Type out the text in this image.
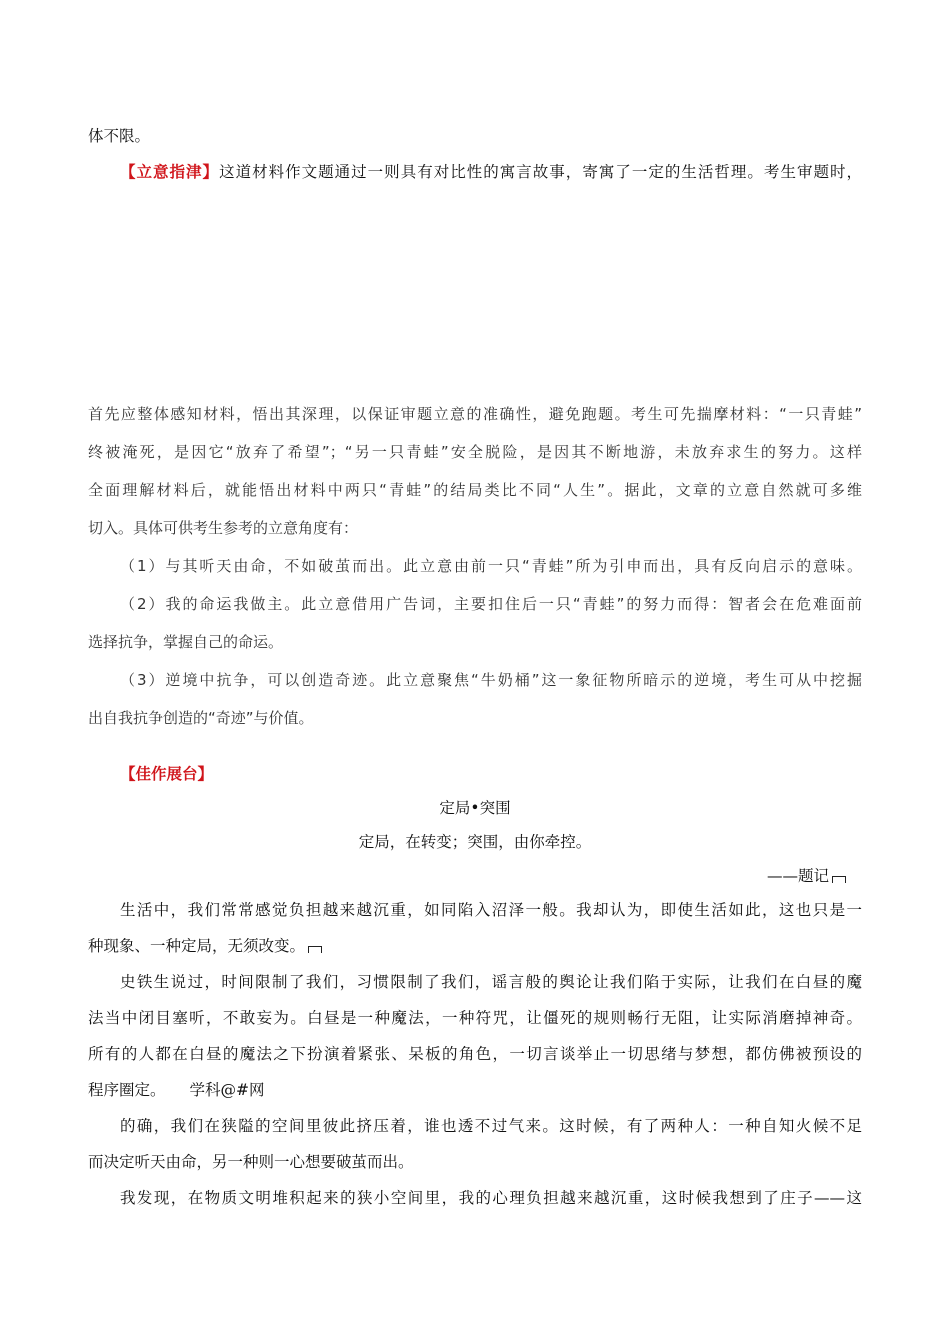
体不限。
【立意指津】这道材料作文题通过一则具有对比性的寓言故事，寄寓了一定的生活哲理。考生审题时，
首先应整体感知材料，悟出其深理，以保证审题立意的准确性，避免跑题。考生可先揣摩材料：“一只青蛙”
终被淹死，是因它“放弃了希望”；“另一只青蛙”安全脱险，是因其不断地游，未放弃求生的努力。这样
全面理解材料后，就能悟出材料中两只“青蛙”的结局类比不同“人生”。据此，文章的立意自然就可多维
切入。具体可供考生参考的立意角度有：
（1）与其听天由命，不如破茧而出。此立意由前一只“青蛙”所为引申而出，具有反向启示的意味。
（2）我的命运我做主。此立意借用广告词，主要扣住后一只“青蛙”的努力而得：智者会在危难面前
选择抗争，掌握自己的命运。
（3）逆境中抗争，可以创造奇迹。此立意聚焦“牛奶桶”这一象征物所暗示的逆境，考生可从中挖掘
出自我抗争创造的“奇迹”与价值。
【佳作展台】
定局•突围
定局，在转变；突围，由你牵控。
——题记
生活中，我们常常感觉负担越来越沉重，如同陷入沼泽一般。我却认为，即使生活如此，这也只是一
种现象、一种定局，无须改变。
史铁生说过，时间限制了我们，习惯限制了我们，谣言般的舆论让我们陷于实际，让我们在白昼的魔
法当中闭目塞听，不敢妄为。白昼是一种魔法，一种符咒，让僵死的规则畅行无阻，让实际消磨掉神奇。
所有的人都在白昼的魔法之下扮演着紧张、呆板的角色，一切言谈举止一切思绪与梦想，都仿佛被预设的
程序圈定。 学科@#网
的确，我们在狭隘的空间里彼此挤压着，谁也透不过气来。这时候，有了两种人：一种自知火候不足
而决定听天由命，另一种则一心想要破茧而出。
我发现，在物质文明堆积起来的狭小空间里，我的心理负担越来越沉重，这时候我想到了庄子——这
